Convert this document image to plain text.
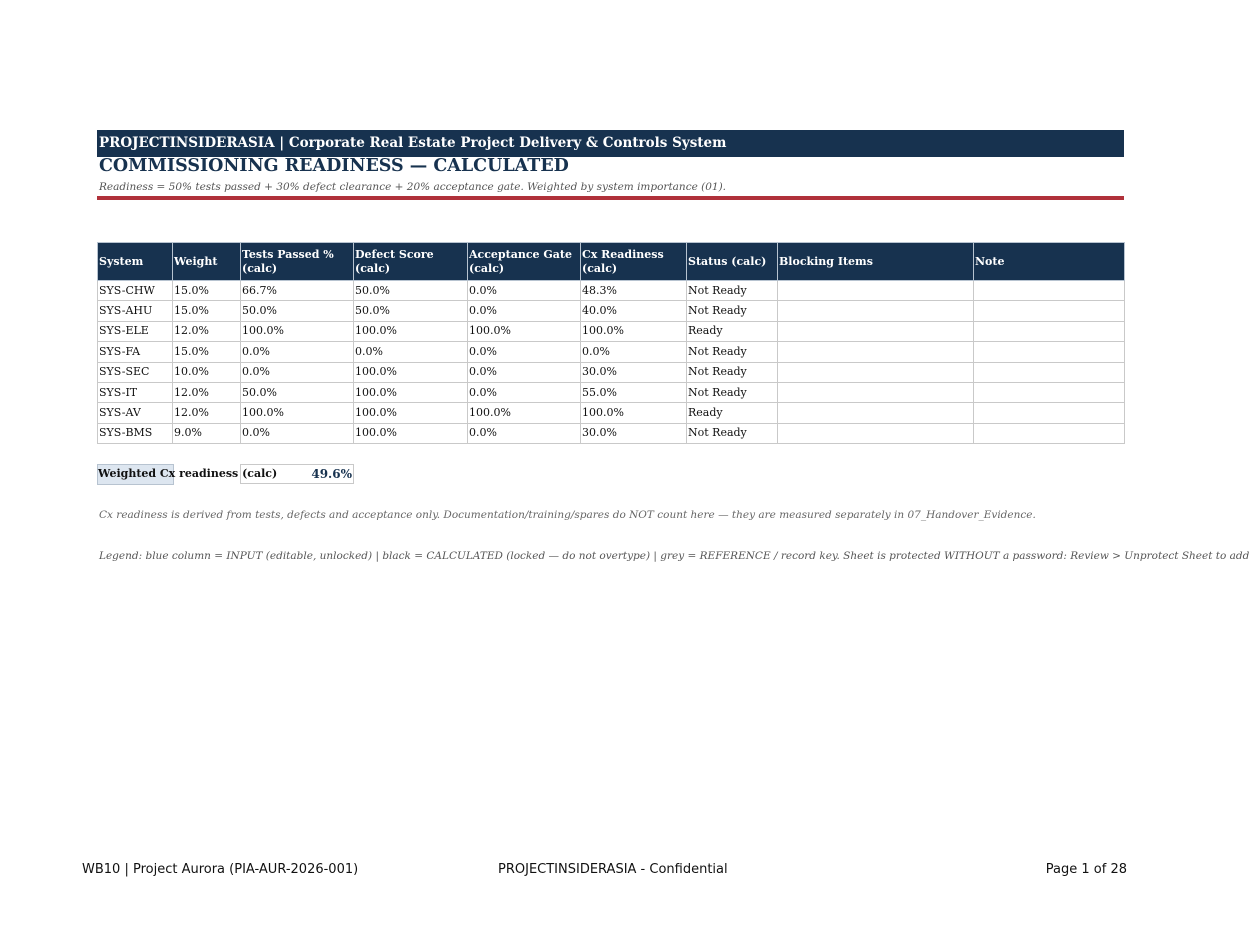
PROJECTINSIDERASIA | Corporate Real Estate Project Delivery & Controls System
COMMISSIONING READINESS — CALCULATED
Readiness = 50% tests passed + 30% defect clearance + 20% acceptance gate. Weighted by system importance (01).
System	Weight	Tests Passed % (calc)	Defect Score (calc)	Acceptance Gate (calc)	Cx Readiness (calc)	Status (calc)	Blocking Items	Note
SYS-CHW	15.0%	66.7%	50.0%	0.0%	48.3%	Not Ready		
SYS-AHU	15.0%	50.0%	50.0%	0.0%	40.0%	Not Ready		
SYS-ELE	12.0%	100.0%	100.0%	100.0%	100.0%	Ready		
SYS-FA	15.0%	0.0%	0.0%	0.0%	0.0%	Not Ready		
SYS-SEC	10.0%	0.0%	100.0%	0.0%	30.0%	Not Ready		
SYS-IT	12.0%	50.0%	100.0%	0.0%	55.0%	Not Ready		
SYS-AV	12.0%	100.0%	100.0%	100.0%	100.0%	Ready		
SYS-BMS	9.0%	0.0%	100.0%	0.0%	30.0%	Not Ready		
Weighted Cx readiness (calc)	49.6%
Cx readiness is derived from tests, defects and acceptance only. Documentation/training/spares do NOT count here — they are measured separately in 07_Handover_Evidence.
Legend: blue column = INPUT (editable, unlocked) | black = CALCULATED (locked — do not overtype) | grey = REFERENCE / record key. Sheet is protected WITHOUT a password: Review > Unprotect Sheet to add
WB10 | Project Aurora (PIA-AUR-2026-001)	PROJECTINSIDERASIA - Confidential	Page 1 of 28
